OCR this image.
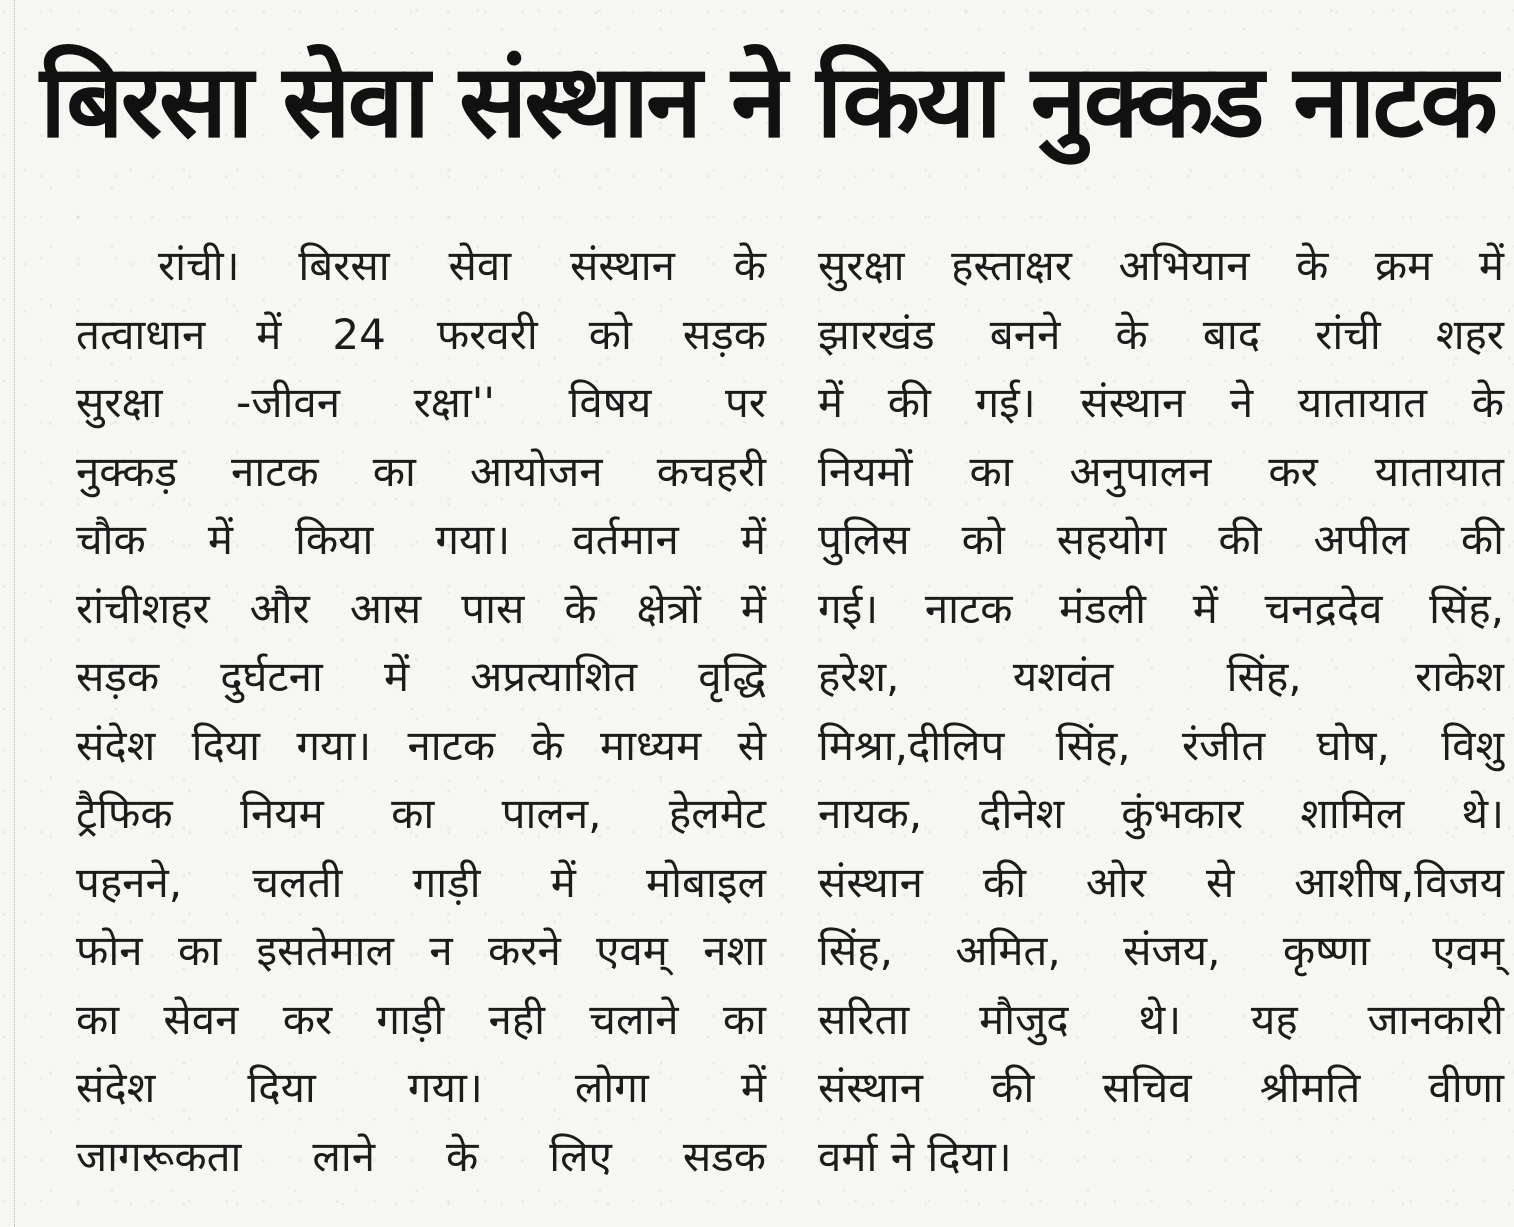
बिरसा सेवा संस्थान ने किया नुक्कड नाटक
रांची। बिरसा सेवा संस्थान के
तत्वाधान में 24 फरवरी को सड़क
सुरक्षा -जीवन रक्षा'' विषय पर
नुक्कड़ नाटक का आयोजन कचहरी
चौक में किया गया। वर्तमान में
रांचीशहर और आस पास के क्षेत्रों में
सड़क दुर्घटना में अप्रत्याशित वृद्धि
संदेश दिया गया। नाटक के माध्यम से
ट्रैफिक नियम का पालन, हेलमेट
पहनने, चलती गाड़ी में मोबाइल
फोन का इसतेमाल न करने एवम् नशा
का सेवन कर गाड़ी नही चलाने का
संदेश दिया गया। लोगा में
जागरूकता लाने के लिए सडक
सुरक्षा हस्ताक्षर अभियान के क्रम में
झारखंड बनने के बाद रांची शहर
में की गई। संस्थान ने यातायात के
नियमों का अनुपालन कर यातायात
पुलिस को सहयोग की अपील की
गई। नाटक मंडली में चनद्रदेव सिंह,
हरेश, यशवंत सिंह, राकेश
मिश्रा,दीलिप सिंह, रंजीत घोष, विशु
नायक, दीनेश कुंभकार शामिल थे।
संस्थान की ओर से आशीष,विजय
सिंह, अमित, संजय, कृष्णा एवम्
सरिता मौजुद थे। यह जानकारी
संस्थान की सचिव श्रीमति वीणा
वर्मा ने दिया।
